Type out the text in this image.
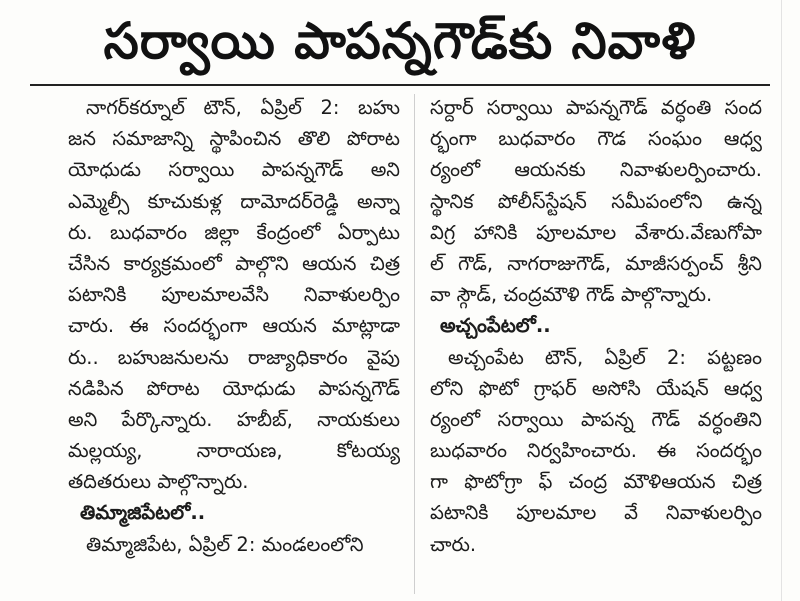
సర్వాయి పాపన్నగౌడ్‌కు నివాళి
నాగర్‌కర్నూల్ టౌన్, ఏప్రిల్ 2: బహు
జన సమాజాన్ని స్థాపించిన తొలి పోరాట
యోధుడు సర్వాయి పాపన్నగౌడ్ అని
ఎమ్మెల్సీ కూచుకుళ్ల దామోదర్‌రెడ్డి అన్నా
రు. బుధవారం జిల్లా కేంద్రంలో ఏర్పాటు
చేసిన కార్యక్రమంలో పాల్గొని ఆయన చిత్ర
పటానికి పూలమాలవేసి నివాళులర్పిం
చారు. ఈ సందర్భంగా ఆయన మాట్లాడా
రు.. బహుజనులను రాజ్యాధికారం వైపు
నడిపిన పోరాట యోధుడు పాపన్నగౌడ్
అని పేర్కొన్నారు. హబీబ్, నాయకులు
మల్లయ్య, నారాయణ, కోటయ్య
తదితరులు పాల్గొన్నారు.
తిమ్మాజిపేటలో..
తిమ్మాజిపేట, ఏప్రిల్ 2: మండలంలోని
సర్దార్ సర్వాయి పాపన్నగౌడ్ వర్ధంతి సంద
ర్భంగా బుధవారం గౌడ సంఘం ఆధ్వ
ర్యంలో ఆయనకు నివాళులర్పించారు.
స్థానిక పోలీస్‌స్టేషన్ సమీపంలోని ఉన్న
విగ్ర హానికి పూలమాల వేశారు.వేణుగోపా
ల్ గౌడ్, నాగరాజుగౌడ్, మాజీసర్పంచ్ శ్రీని
వా స్గౌడ్, చంద్రమౌళి గౌడ్ పాల్గొన్నారు.
అచ్చంపేటలో..
అచ్చంపేట టౌన్, ఏప్రిల్ 2: పట్టణం
లోని ఫొటో గ్రాఫర్ అసోసి యేషన్ ఆధ్వ
ర్యంలో సర్వాయి పాపన్న గౌడ్ వర్ధంతిని
బుధవారం నిర్వహించారు. ఈ సందర్భం
గా ఫొటోగ్రా ఫ్ చంద్ర మౌళిఆయన చిత్ర
పటానికి పూలమాల వే నివాళులర్పిం
చారు.
